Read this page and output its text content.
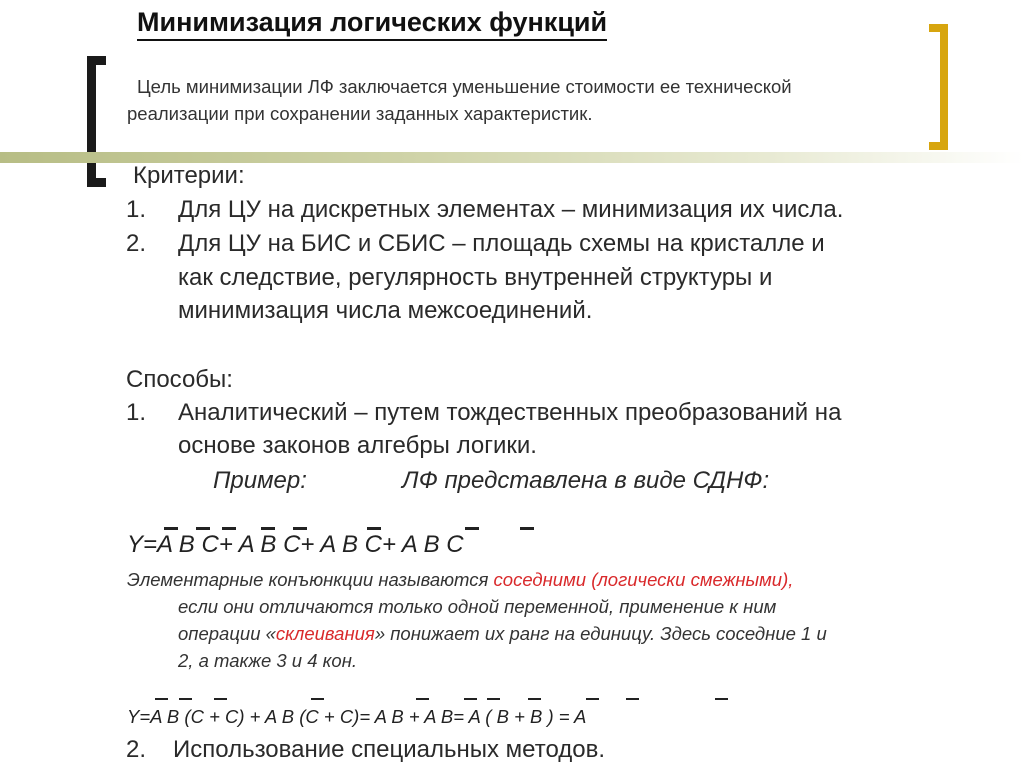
Минимизация логических функций
Цель минимизации ЛФ заключается уменьшение стоимости ее технической
реализации при сохранении заданных характеристик.
Критерии:
1. Для ЦУ на дискретных элементах – минимизация их числа.
2. Для ЦУ на БИС и СБИС – площадь схемы на кристалле и
как следствие, регулярность внутренней структуры и
минимизация числа межсоединений.
Способы:
1. Аналитический – путем тождественных преобразований на
основе законов алгебры логики.
Пример:	ЛФ представлена в виде СДНФ:
Y=A B C+ A B C+ A B C+ A B C
Элементарные конъюнкции называются соседними (логически смежными),
если они отличаются только одной переменной, применение к ним
операции «склеивания» понижает их ранг на единицу. Здесь соседние 1 и
2, а также 3 и 4 кон.
Y=A B (C + C) + A B (C + C)= A B + A B= A ( B + B ) = A
2. Использование специальных методов.
